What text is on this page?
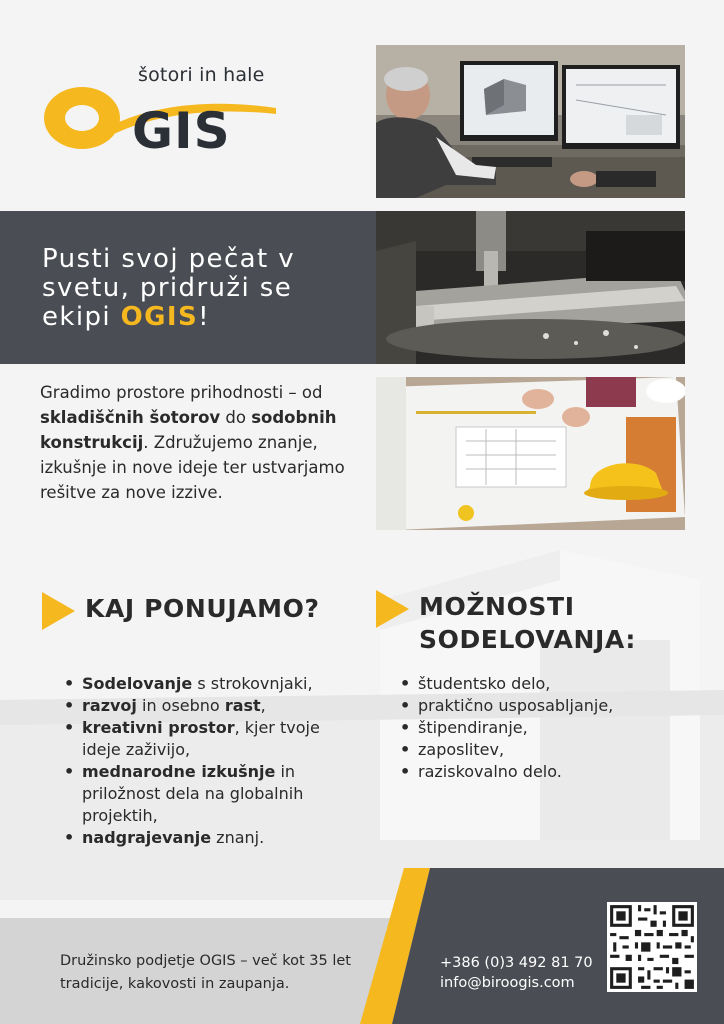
šotori in hale
GIS
Pusti svoj pečat v svetu, pridruži se ekipi OGIS!

Gradimo prostore prihodnosti – od skladiščnih šotorov do sodobnih konstrukcij. Združujemo znanje, izkušnje in nove ideje ter ustvarjamo rešitve za nove izzive.

KAJ PONUJAMO?
• Sodelovanje s strokovnjaki,
• razvoj in osebno rast,
• kreativni prostor, kjer tvoje ideje zaživijo,
• mednarodne izkušnje in priložnost dela na globalnih projektih,
• nadgrajevanje znanj.
MOŽNOSTI SODELOVANJA:
• študentsko delo,
• praktično usposabljanje,
• štipendiranje,
• zaposlitev,
• raziskovalno delo.

Družinsko podjetje OGIS – več kot 35 let tradicije, kakovosti in zaupanja.

+386 (0)3 492 81 70
info@biroogis.com
